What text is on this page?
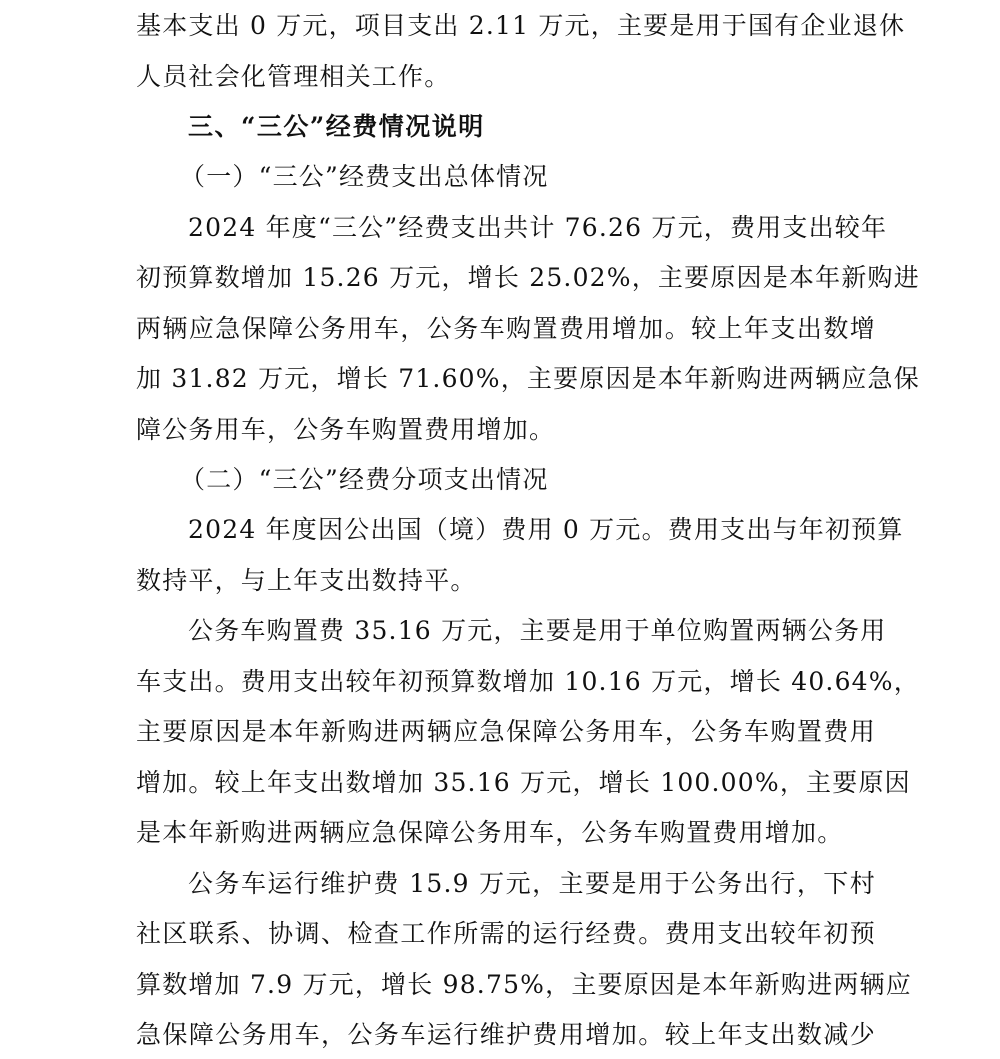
基本支出 0 万元，项目支出 2.11 万元，主要是用于国有企业退休
人员社会化管理相关工作。
三、“三公”经费情况说明
（一）“三公”经费支出总体情况
2024 年度“三公”经费支出共计 76.26 万元，费用支出较年
初预算数增加 15.26 万元，增长 25.02%，主要原因是本年新购进
两辆应急保障公务用车，公务车购置费用增加。较上年支出数增
加 31.82 万元，增长 71.60%，主要原因是本年新购进两辆应急保
障公务用车，公务车购置费用增加。
（二）“三公”经费分项支出情况
2024 年度因公出国（境）费用 0 万元。费用支出与年初预算
数持平，与上年支出数持平。
公务车购置费 35.16 万元，主要是用于单位购置两辆公务用
车支出。费用支出较年初预算数增加 10.16 万元，增长 40.64%，
主要原因是本年新购进两辆应急保障公务用车，公务车购置费用
增加。较上年支出数增加 35.16 万元，增长 100.00%，主要原因
是本年新购进两辆应急保障公务用车，公务车购置费用增加。
公务车运行维护费 15.9 万元，主要是用于公务出行，下村
社区联系、协调、检查工作所需的运行经费。费用支出较年初预
算数增加 7.9 万元，增长 98.75%，主要原因是本年新购进两辆应
急保障公务用车，公务车运行维护费用增加。较上年支出数减少
